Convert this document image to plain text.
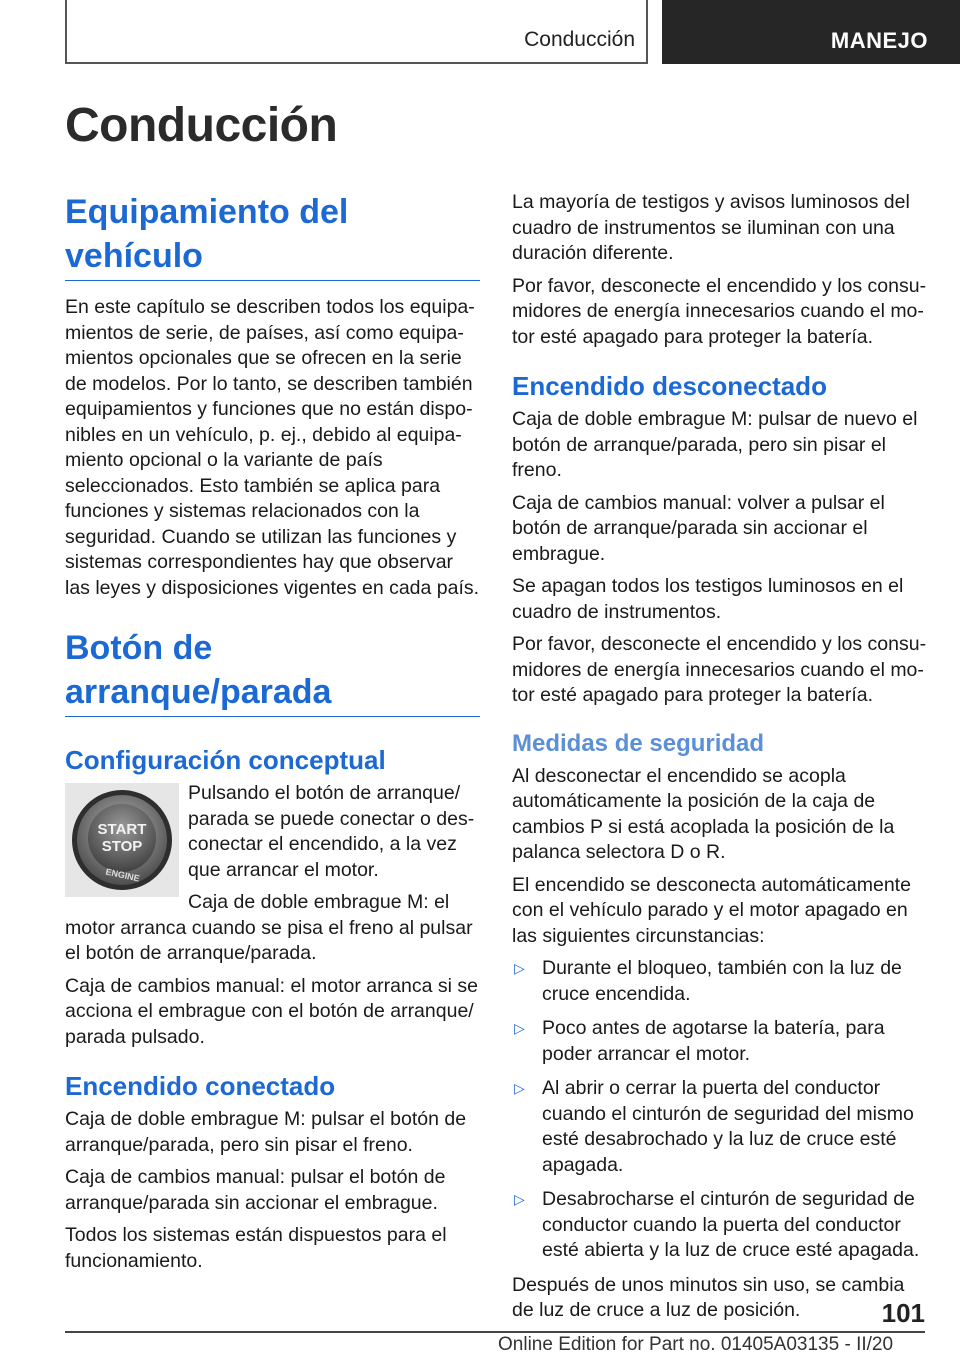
Conducción	MANEJO
Conducción
Equipamiento del vehículo

En este capítulo se describen todos los equipamientos de serie, de países, así como equipamientos opcionales que se ofrecen en la serie de modelos. Por lo tanto, se describen también equipamientos y funciones que no están disponibles en un vehículo, p. ej., debido al equipamiento opcional o la variante de país seleccionados. Esto también se aplica para funciones y sistemas relacionados con la seguridad. Cuando se utilizan las funciones y sistemas correspondientes hay que observar las leyes y disposiciones vigentes en cada país.

Botón de arranque/parada
Configuración conceptual
START
STOP
ENGINE

Pulsando el botón de arranque/ parada se puede conectar o desconectar el encendido, a la vez que arrancar el motor.

Caja de doble embrague M: el motor arranca cuando se pisa el freno al pulsar el botón de arranque/parada.

Caja de cambios manual: el motor arranca si se acciona el embrague con el botón de arranque/ parada pulsado.

Encendido conectado

Caja de doble embrague M: pulsar el botón de arranque/parada, pero sin pisar el freno.

Caja de cambios manual: pulsar el botón de arranque/parada sin accionar el embrague.

Todos los sistemas están dispuestos para el funcionamiento.

La mayoría de testigos y avisos luminosos del cuadro de instrumentos se iluminan con una duración diferente.

Por favor, desconecte el encendido y los consumidores de energía innecesarios cuando el motor esté apagado para proteger la batería.

Encendido desconectado

Caja de doble embrague M: pulsar de nuevo el botón de arranque/parada, pero sin pisar el freno.

Caja de cambios manual: volver a pulsar el botón de arranque/parada sin accionar el embrague.

Se apagan todos los testigos luminosos en el cuadro de instrumentos.

Por favor, desconecte el encendido y los consumidores de energía innecesarios cuando el motor esté apagado para proteger la batería.

Medidas de seguridad

Al desconectar el encendido se acopla automáticamente la posición de la caja de cambios P si está acoplada la posición de la palanca selectora D o R.

El encendido se desconecta automáticamente con el vehículo parado y el motor apagado en las siguientes circunstancias:

▷ Durante el bloqueo, también con la luz de cruce encendida.
▷ Poco antes de agotarse la batería, para poder arrancar el motor.
▷ Al abrir o cerrar la puerta del conductor cuando el cinturón de seguridad del mismo esté desabrochado y la luz de cruce esté apagada.
▷ Desabrocharse el cinturón de seguridad de conductor cuando la puerta del conductor esté abierta y la luz de cruce esté apagada.

Después de unos minutos sin uso, se cambia de luz de cruce a luz de posición.	101
Online Edition for Part no. 01405A03135 - II/20
